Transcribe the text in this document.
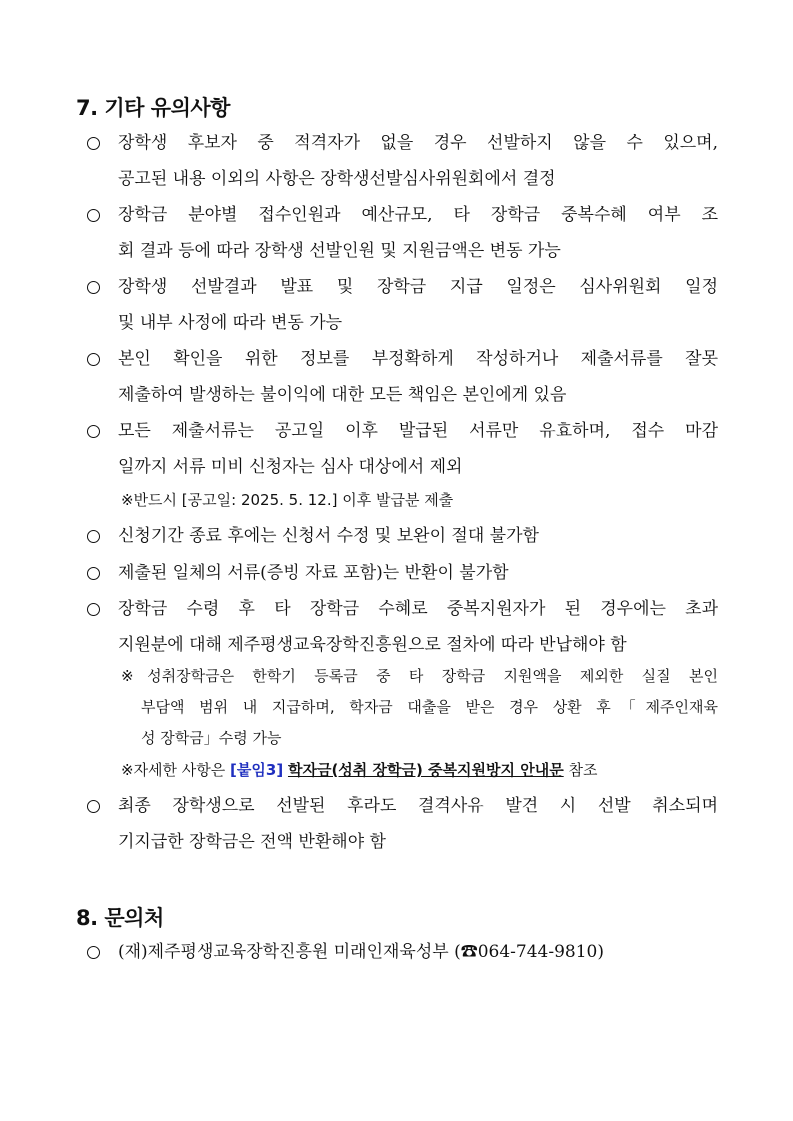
7. 기타 유의사항
장학생 후보자 중 적격자가 없을 경우 선발하지 않을 수 있으며,
공고된 내용 이외의 사항은 장학생선발심사위원회에서 결정
장학금 분야별 접수인원과 예산규모, 타 장학금 중복수혜 여부 조
회 결과 등에 따라 장학생 선발인원 및 지원금액은 변동 가능
장학생 선발결과 발표 및 장학금 지급 일정은 심사위원회 일정
및 내부 사정에 따라 변동 가능
본인 확인을 위한 정보를 부정확하게 작성하거나 제출서류를 잘못
제출하여 발생하는 불이익에 대한 모든 책임은 본인에게 있음
모든 제출서류는 공고일 이후 발급된 서류만 유효하며, 접수 마감
일까지 서류 미비 신청자는 심사 대상에서 제외
※반드시 [공고일: 2025. 5. 12.] 이후 발급분 제출
신청기간 종료 후에는 신청서 수정 및 보완이 절대 불가함
제출된 일체의 서류(증빙 자료 포함)는 반환이 불가함
장학금 수령 후 타 장학금 수혜로 중복지원자가 된 경우에는 초과
지원분에 대해 제주평생교육장학진흥원으로 절차에 따라 반납해야 함
※성취장학금은 한학기 등록금 중 타 장학금 지원액을 제외한 실질 본인
부담액 범위 내 지급하며, 학자금 대출을 받은 경우 상환 후「제주인재육
성 장학금」수령 가능
※자세한 사항은 [붙임3] 학자금(성취 장학금) 중복지원방지 안내문 참조
최종 장학생으로 선발된 후라도 결격사유 발견 시 선발 취소되며
기지급한 장학금은 전액 반환해야 함
8. 문의처
(재)제주평생교육장학진흥원 미래인재육성부 (☎064-744-9810)
